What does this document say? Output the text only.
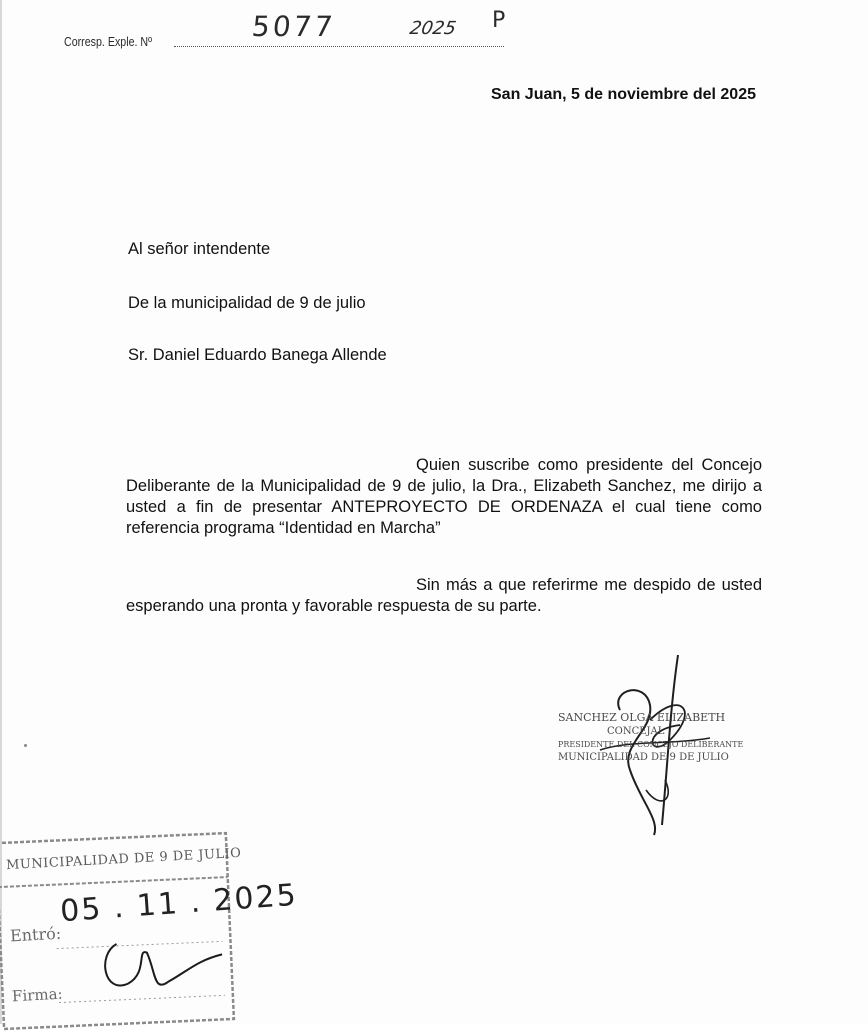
Corresp. Exple. Nº	5077	2025 P
San Juan, 5 de noviembre del 2025
Al señor intendente
De la municipalidad de 9 de julio
Sr. Daniel Eduardo Banega Allende

Quien suscribe como presidente del Concejo Deliberante de la Municipalidad de 9 de julio, la Dra., Elizabeth Sanchez, me dirijo a usted a fin de presentar ANTEPROYECTO DE ORDENAZA el cual tiene como referencia programa “Identidad en Marcha”

Sin más a que referirme me despido de usted esperando una pronta y favorable respuesta de su parte.

SANCHEZ OLGA ELIZABETH
CONCEJAL
PRESIDENTE DEL CONCEJO DELIBERANTE
MUNICIPALIDAD DE 9 DE JULIO
MUNICIPALIDAD DE 9 DE JULIO
Entró:
05 . 11 . 2025
Firma:
